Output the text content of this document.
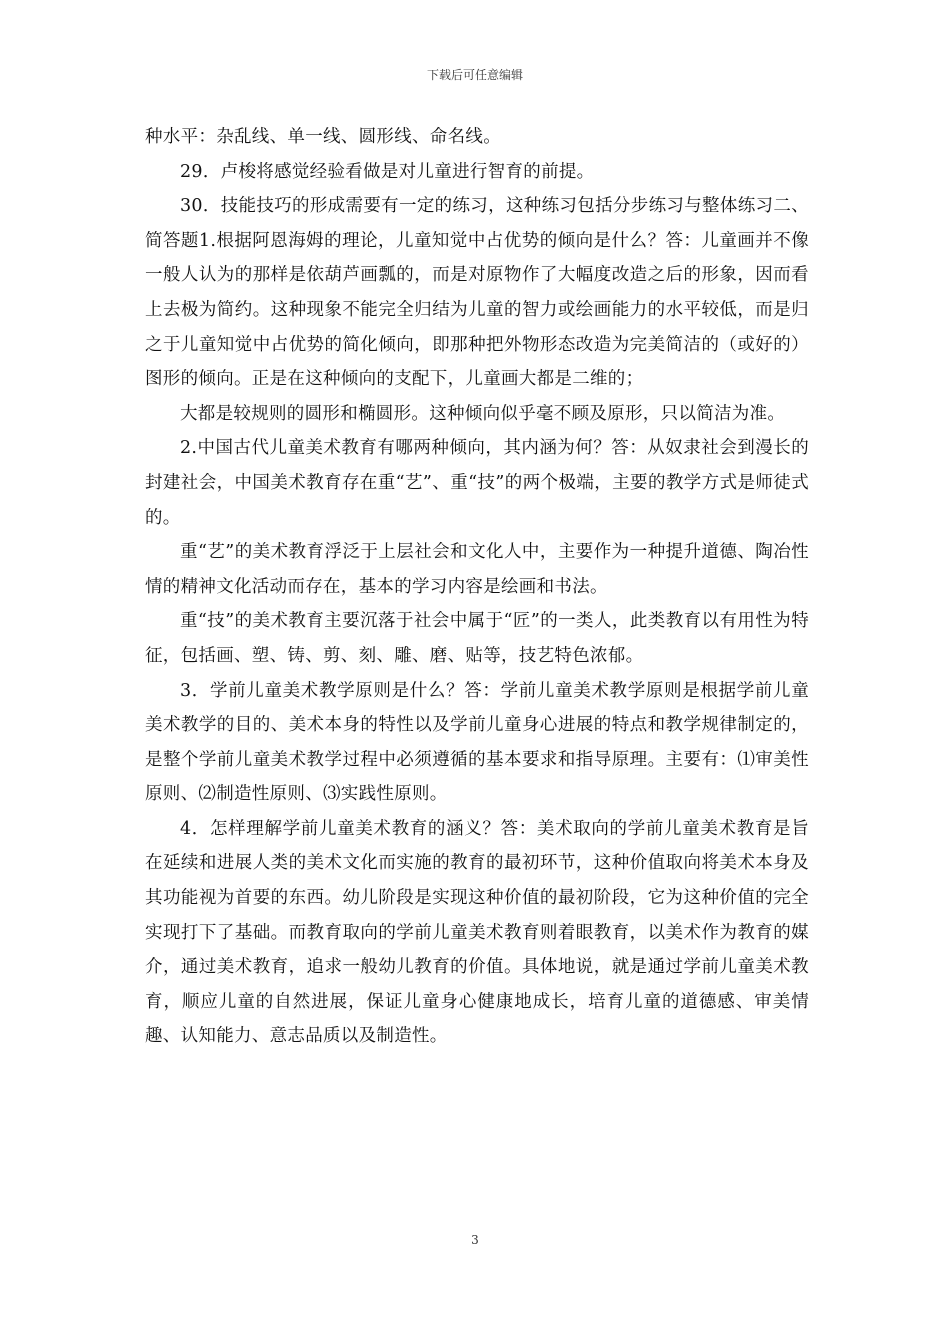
下载后可任意编辑

种水平：杂乱线、单一线、圆形线、命名线。

29．卢梭将感觉经验看做是对儿童进行智育的前提。

30．技能技巧的形成需要有一定的练习，这种练习包括分步练习与整体练习二、简答题1.根据阿恩海姆的理论，儿童知觉中占优势的倾向是什么？答：儿童画并不像一般人认为的那样是依葫芦画瓢的，而是对原物作了大幅度改造之后的形象，因而看上去极为简约。这种现象不能完全归结为儿童的智力或绘画能力的水平较低，而是归之于儿童知觉中占优势的简化倾向，即那种把外物形态改造为完美简洁的（或好的）图形的倾向。正是在这种倾向的支配下，儿童画大都是二维的；

大都是较规则的圆形和椭圆形。这种倾向似乎毫不顾及原形，只以简洁为准。

2.中国古代儿童美术教育有哪两种倾向，其内涵为何？答：从奴隶社会到漫长的封建社会，中国美术教育存在重“艺”、重“技”的两个极端，主要的教学方式是师徒式的。

重“艺”的美术教育浮泛于上层社会和文化人中，主要作为一种提升道德、陶冶性情的精神文化活动而存在，基本的学习内容是绘画和书法。

重“技”的美术教育主要沉落于社会中属于“匠”的一类人，此类教育以有用性为特征，包括画、塑、铸、剪、刻、雕、磨、贴等，技艺特色浓郁。

3．学前儿童美术教学原则是什么？答：学前儿童美术教学原则是根据学前儿童美术教学的目的、美术本身的特性以及学前儿童身心进展的特点和教学规律制定的，是整个学前儿童美术教学过程中必须遵循的基本要求和指导原理。主要有：⑴审美性原则、⑵制造性原则、⑶实践性原则。

4．怎样理解学前儿童美术教育的涵义？答：美术取向的学前儿童美术教育是旨在延续和进展人类的美术文化而实施的教育的最初环节，这种价值取向将美术本身及其功能视为首要的东西。幼儿阶段是实现这种价值的最初阶段，它为这种价值的完全实现打下了基础。而教育取向的学前儿童美术教育则着眼教育，以美术作为教育的媒介，通过美术教育，追求一般幼儿教育的价值。具体地说，就是通过学前儿童美术教育，顺应儿童的自然进展，保证儿童身心健康地成长，培育儿童的道德感、审美情趣、认知能力、意志品质以及制造性。

3
